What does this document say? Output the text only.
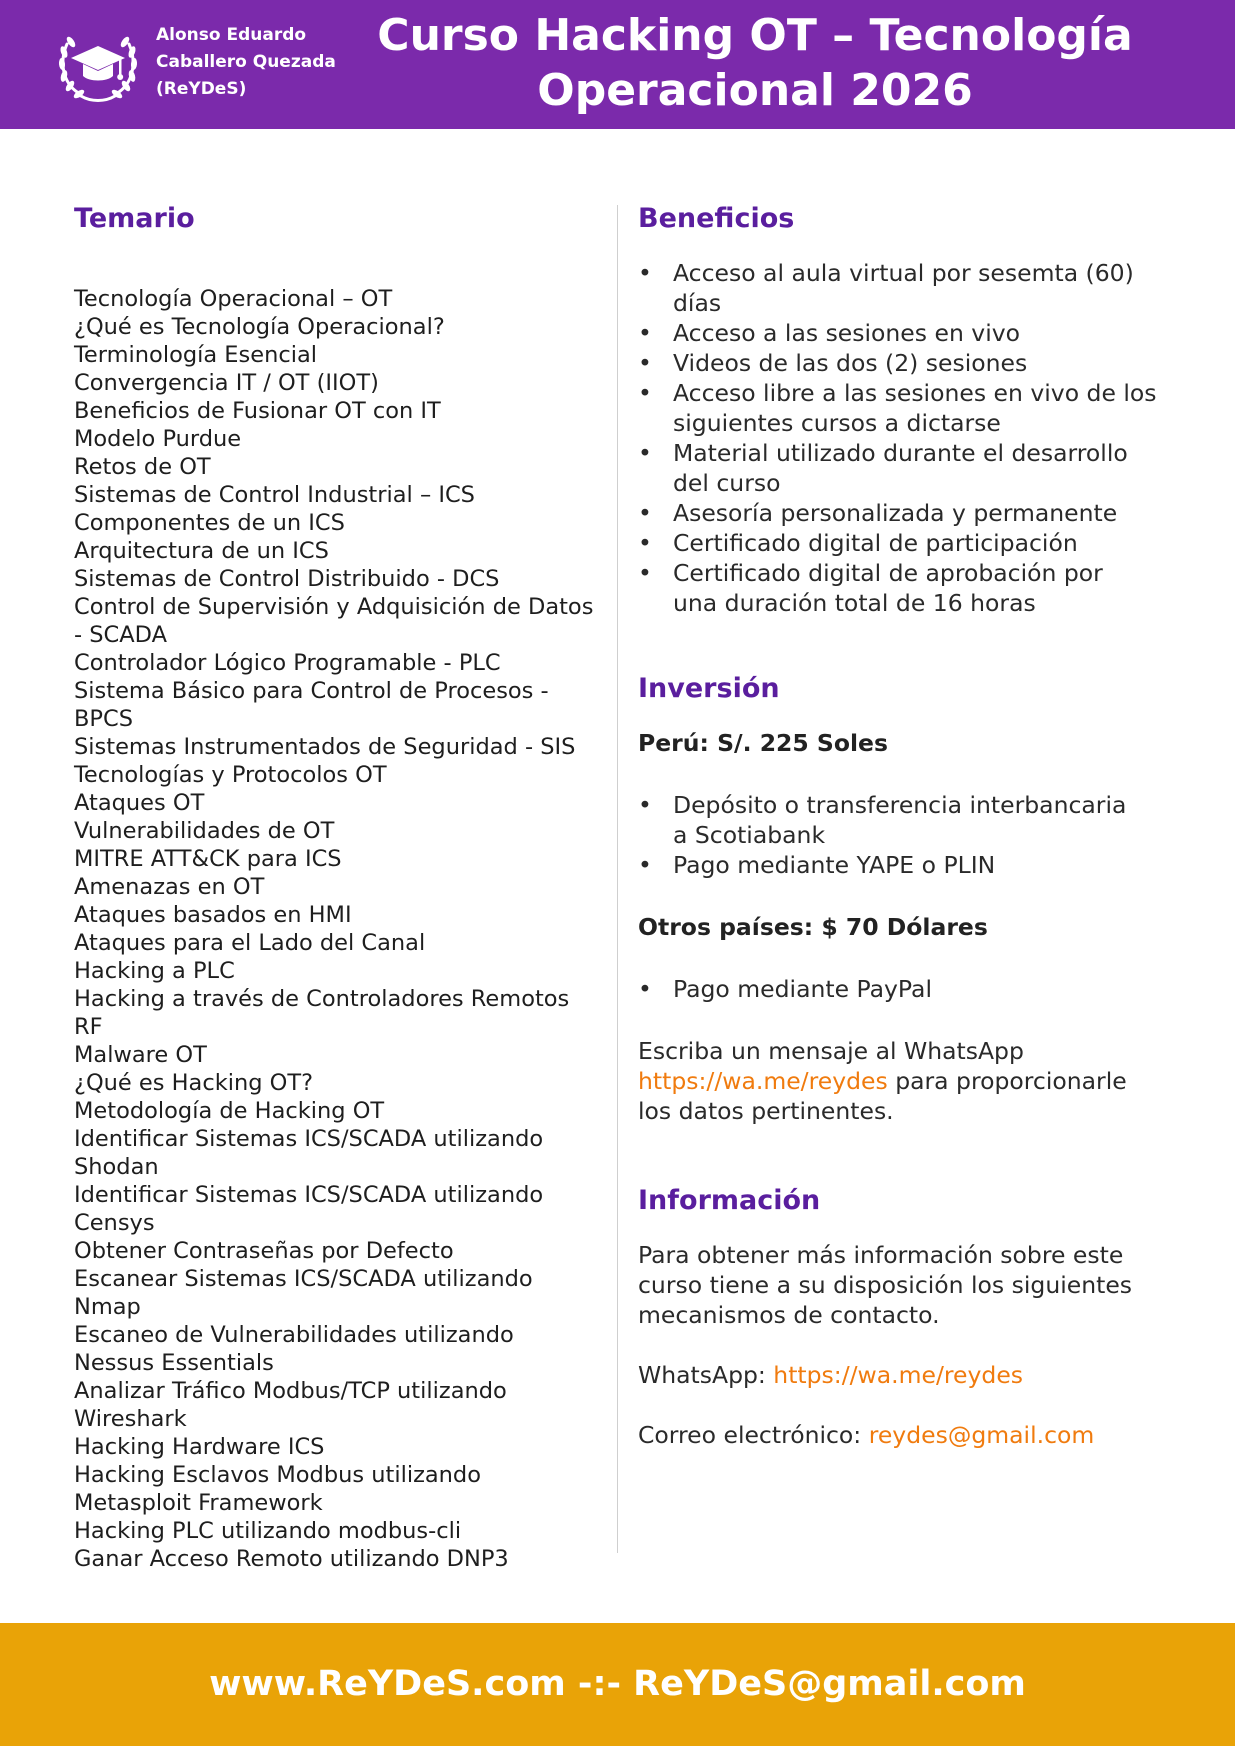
Alonso Eduardo
Caballero Quezada
(ReYDeS)
Curso Hacking OT – Tecnología
Operacional 2026
Temario
Tecnología Operacional – OT
¿Qué es Tecnología Operacional?
Terminología Esencial
Convergencia IT / OT (IIOT)
Beneficios de Fusionar OT con IT
Modelo Purdue
Retos de OT
Sistemas de Control Industrial – ICS
Componentes de un ICS
Arquitectura de un ICS
Sistemas de Control Distribuido - DCS
Control de Supervisión y Adquisición de Datos
- SCADA
Controlador Lógico Programable - PLC
Sistema Básico para Control de Procesos -
BPCS
Sistemas Instrumentados de Seguridad - SIS
Tecnologías y Protocolos OT
Ataques OT
Vulnerabilidades de OT
MITRE ATT&CK para ICS
Amenazas en OT
Ataques basados en HMI
Ataques para el Lado del Canal
Hacking a PLC
Hacking a través de Controladores Remotos
RF
Malware OT
¿Qué es Hacking OT?
Metodología de Hacking OT
Identificar Sistemas ICS/SCADA utilizando
Shodan
Identificar Sistemas ICS/SCADA utilizando
Censys
Obtener Contraseñas por Defecto
Escanear Sistemas ICS/SCADA utilizando
Nmap
Escaneo de Vulnerabilidades utilizando
Nessus Essentials
Analizar Tráfico Modbus/TCP utilizando
Wireshark
Hacking Hardware ICS
Hacking Esclavos Modbus utilizando
Metasploit Framework
Hacking PLC utilizando modbus-cli
Ganar Acceso Remoto utilizando DNP3
Beneficios
• Acceso al aula virtual por sesemta (60)
días
• Acceso a las sesiones en vivo
• Videos de las dos (2) sesiones
• Acceso libre a las sesiones en vivo de los
siguientes cursos a dictarse
• Material utilizado durante el desarrollo
del curso
• Asesoría personalizada y permanente
• Certificado digital de participación
• Certificado digital de aprobación por
una duración total de 16 horas
Inversión
Perú: S/. 225 Soles
• Depósito o transferencia interbancaria
a Scotiabank
• Pago mediante YAPE o PLIN
Otros países: $ 70 Dólares
• Pago mediante PayPal

Escriba un mensaje al WhatsApp
https://wa.me/reydes para proporcionarle
los datos pertinentes.

Información

Para obtener más información sobre este
curso tiene a su disposición los siguientes
mecanismos de contacto.

WhatsApp: https://wa.me/reydes

Correo electrónico: reydes@gmail.com

www.ReYDeS.com -:- ReYDeS@gmail.com
